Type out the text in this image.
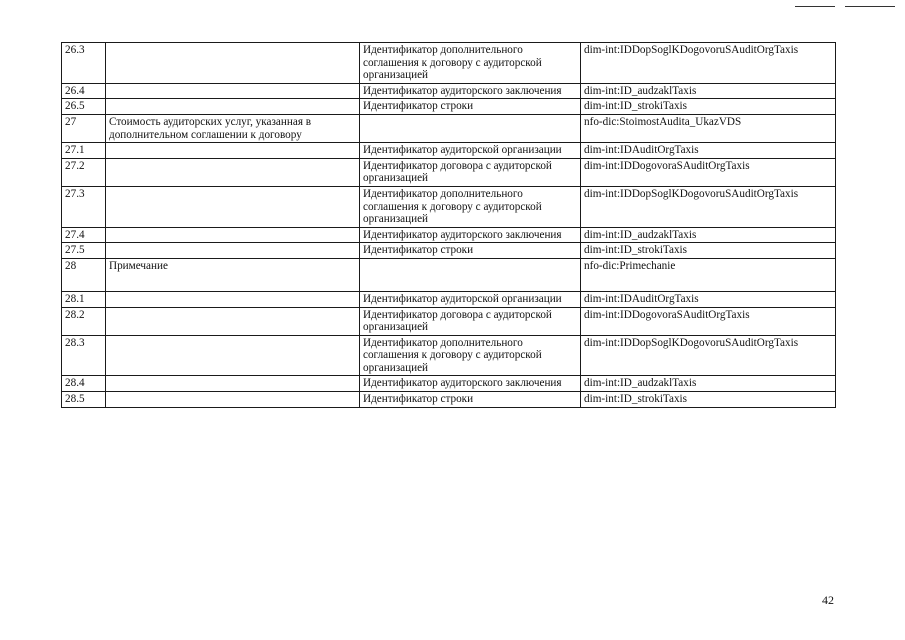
26.3		Идентификатор дополнительного соглашения к договору с аудиторской организацией	dim-int:IDDopSoglKDogovoruSAuditOrgTaxis
26.4		Идентификатор аудиторского заключения	dim-int:ID_audzaklTaxis
26.5		Идентификатор строки	dim-int:ID_strokiTaxis
27	Стоимость аудиторских услуг, указанная в дополнительном соглашении к договору		nfo-dic:StoimostAudita_UkazVDS
27.1		Идентификатор аудиторской организации	dim-int:IDAuditOrgTaxis
27.2		Идентификатор договора с аудиторской организацией	dim-int:IDDogovoraSAuditOrgTaxis
27.3		Идентификатор дополнительного соглашения к договору с аудиторской организацией	dim-int:IDDopSoglKDogovoruSAuditOrgTaxis
27.4		Идентификатор аудиторского заключения	dim-int:ID_audzaklTaxis
27.5		Идентификатор строки	dim-int:ID_strokiTaxis
28	Примечание		nfo-dic:Primechanie
28.1		Идентификатор аудиторской организации	dim-int:IDAuditOrgTaxis
28.2		Идентификатор договора с аудиторской организацией	dim-int:IDDogovoraSAuditOrgTaxis
28.3		Идентификатор дополнительного соглашения к договору с аудиторской организацией	dim-int:IDDopSoglKDogovoruSAuditOrgTaxis
28.4		Идентификатор аудиторского заключения	dim-int:ID_audzaklTaxis
28.5		Идентификатор строки	dim-int:ID_strokiTaxis
42
